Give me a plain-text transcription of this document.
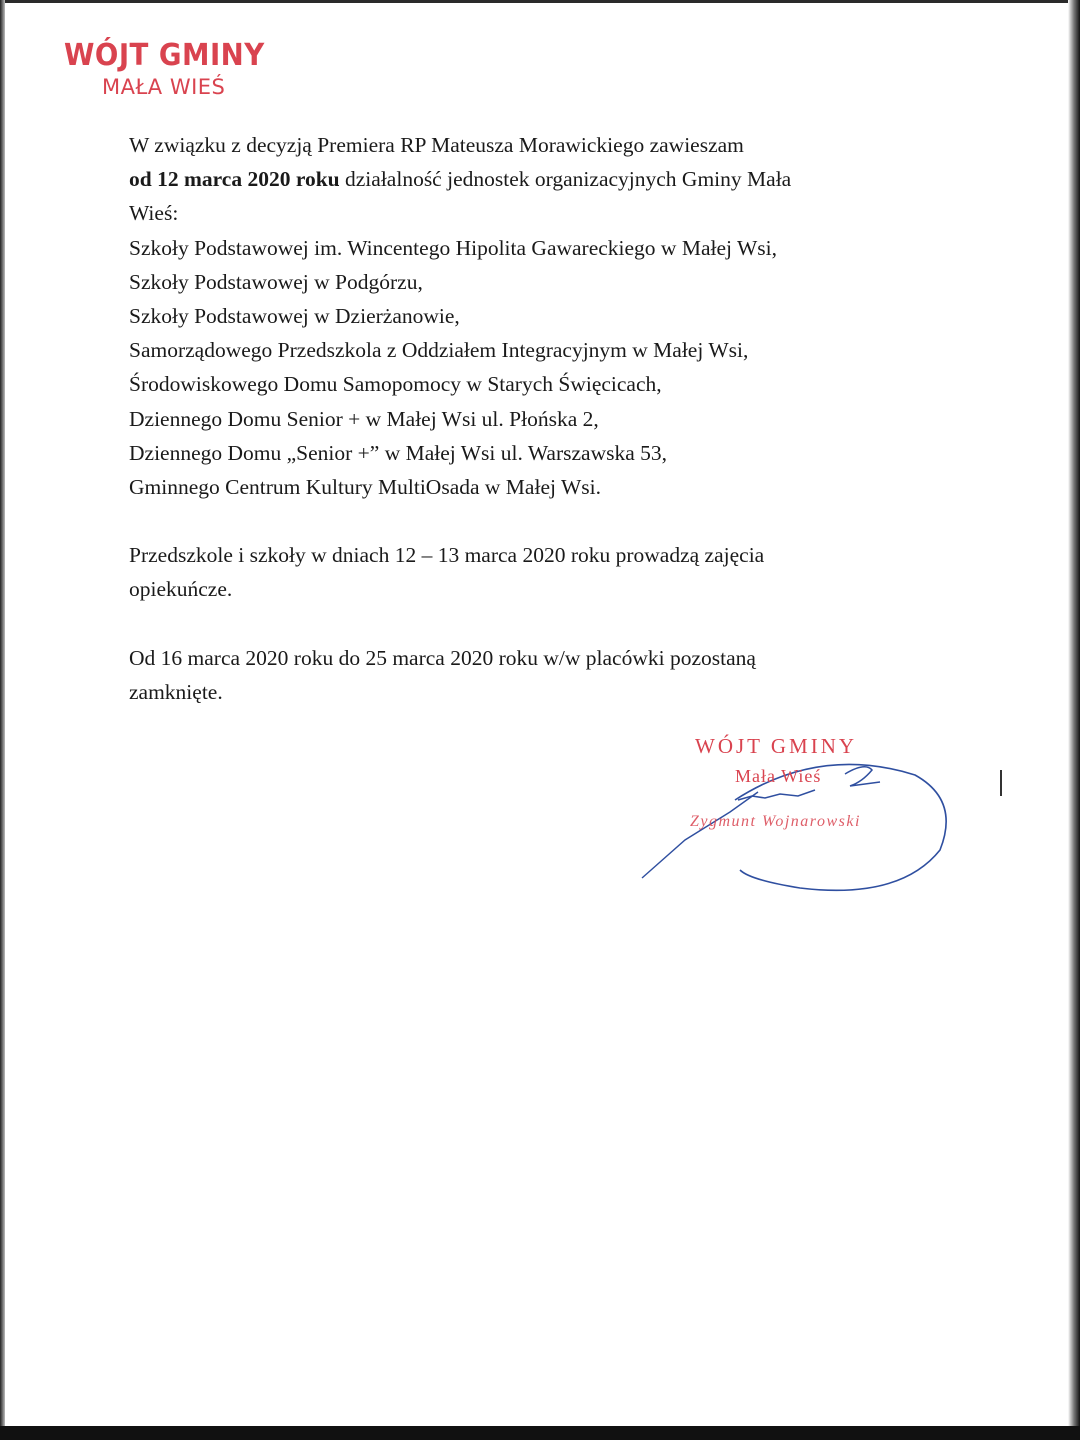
WÓJT GMINY
MAŁA WIEŚ

W związku z decyzją Premiera RP Mateusza Morawickiego zawieszam

od 12 marca 2020 roku działalność jednostek organizacyjnych Gminy Mała

Wieś:

Szkoły Podstawowej im. Wincentego Hipolita Gawareckiego w Małej Wsi,

Szkoły Podstawowej w Podgórzu,

Szkoły Podstawowej w Dzierżanowie,

Samorządowego Przedszkola z Oddziałem Integracyjnym w Małej Wsi,

Środowiskowego Domu Samopomocy w Starych Święcicach,

Dziennego Domu Senior + w Małej Wsi ul. Płońska 2,

Dziennego Domu „Senior +” w Małej Wsi ul. Warszawska 53,

Gminnego Centrum Kultury MultiOsada w Małej Wsi.

Przedszkole i szkoły w dniach 12 – 13 marca 2020 roku prowadzą zajęcia

opiekuńcze.

Od 16 marca 2020 roku do 25 marca 2020 roku w/w placówki pozostaną

zamknięte.

WÓJT GMINY
Mała Wieś
Zygmunt Wojnarowski
